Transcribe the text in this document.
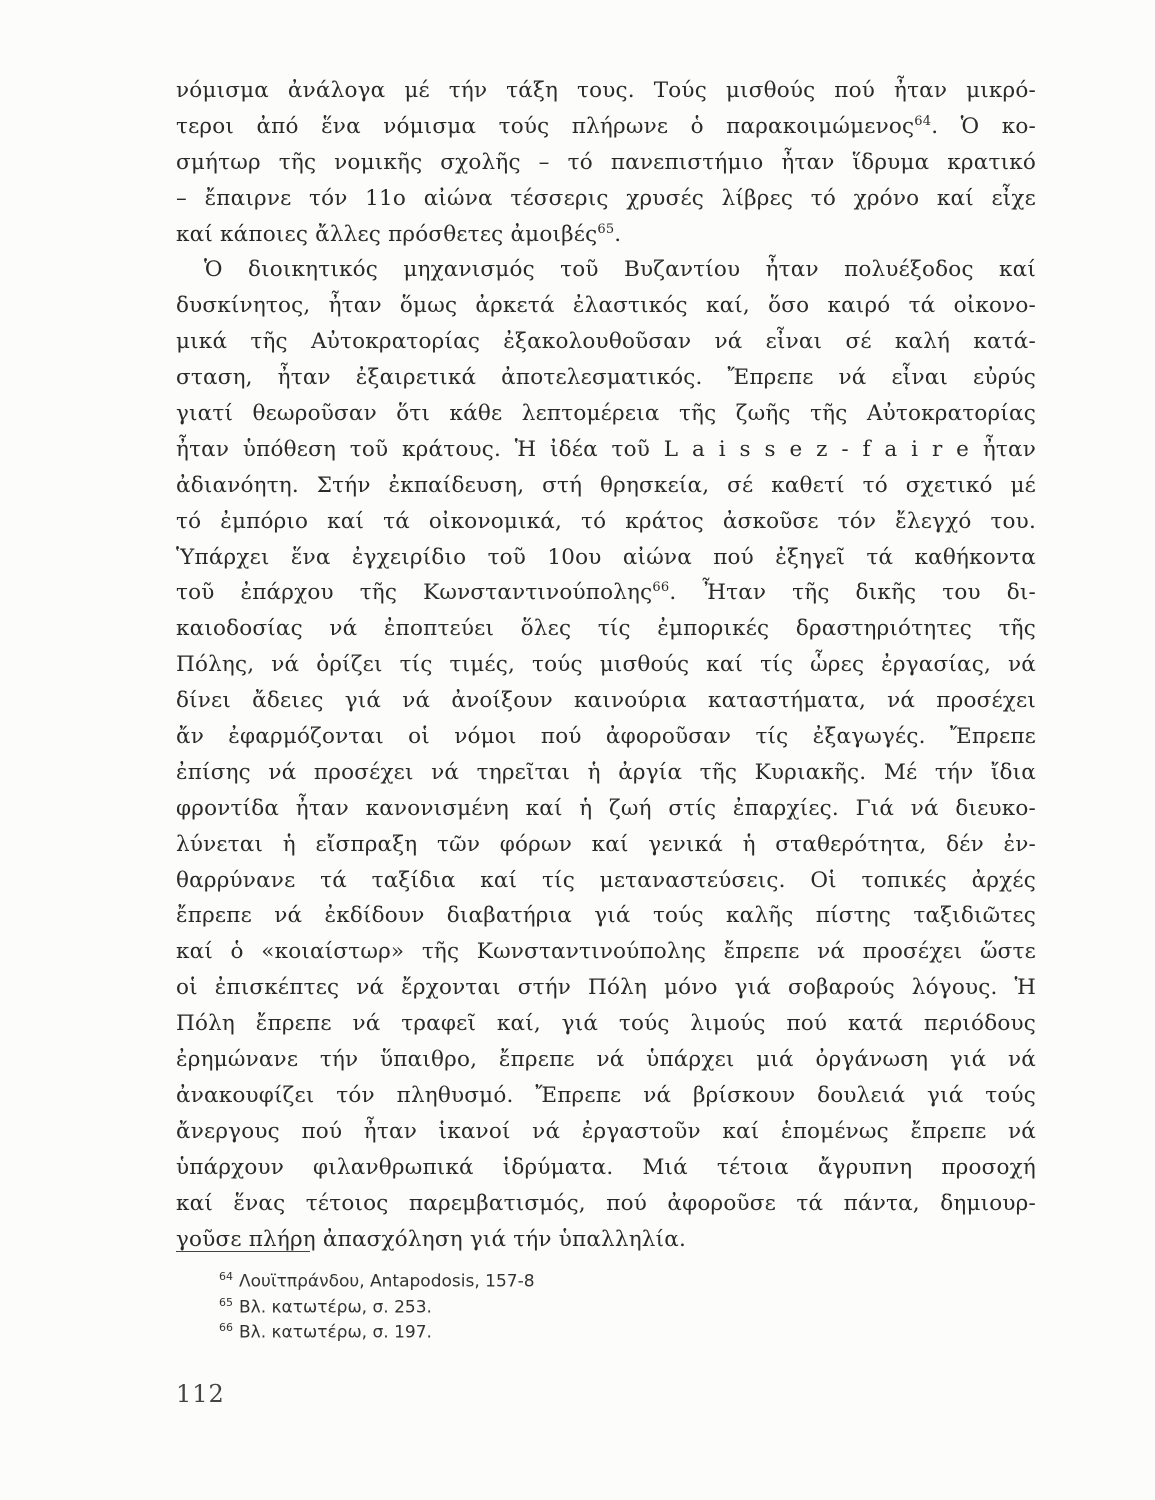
νόμισμα ἀνάλογα μέ τήν τάξη τους. Τούς μισθούς πού ἦταν μικρό-
τεροι ἀπό ἕνα νόμισμα τούς πλήρωνε ὁ παρακοιμώμενος$^{64}$. Ὁ κο-
σμήτωρ τῆς νομικῆς σχολῆς – τό πανεπιστήμιο ἦταν ἵδρυμα κρατικό
– ἔπαιρνε τόν 11ο αἰώνα τέσσερις χρυσές λίβρες τό χρόνο καί εἶχε
καί κάποιες ἄλλες πρόσθετες ἀμοιβές$^{65}$.
Ὁ διοικητικός μηχανισμός τοῦ Βυζαντίου ἦταν πολυέξοδος καί
δυσκίνητος, ἦταν ὅμως ἀρκετά ἐλαστικός καί, ὅσο καιρό τά οἰκονο-
μικά τῆς Αὐτοκρατορίας ἐξακολουθοῦσαν νά εἶναι σέ καλή κατά-
σταση, ἦταν ἐξαιρετικά ἀποτελεσματικός. Ἔπρεπε νά εἶναι εὐρύς
γιατί θεωροῦσαν ὅτι κάθε λεπτομέρεια τῆς ζωῆς τῆς Αὐτοκρατορίας
ἦταν ὑπόθεση τοῦ κράτους. Ἡ ἰδέα τοῦ L a i s s e z - f a i r e ἦταν
ἀδιανόητη. Στήν ἐκπαίδευση, στή θρησκεία, σέ καθετί τό σχετικό μέ
τό ἐμπόριο καί τά οἰκονομικά, τό κράτος ἀσκοῦσε τόν ἔλεγχό του.
Ὑπάρχει ἕνα ἐγχειρίδιο τοῦ 10ου αἰώνα πού ἐξηγεῖ τά καθήκοντα
τοῦ ἐπάρχου τῆς Κωνσταντινούπολης$^{66}$. Ἦταν τῆς δικῆς του δι-
καιοδοσίας νά ἐποπτεύει ὅλες τίς ἐμπορικές δραστηριότητες τῆς
Πόλης, νά ὁρίζει τίς τιμές, τούς μισθούς καί τίς ὧρες ἐργασίας, νά
δίνει ἄδειες γιά νά ἀνοίξουν καινούρια καταστήματα, νά προσέχει
ἄν ἐφαρμόζονται οἱ νόμοι πού ἀφοροῦσαν τίς ἐξαγωγές. Ἔπρεπε
ἐπίσης νά προσέχει νά τηρεῖται ἡ ἀργία τῆς Κυριακῆς. Μέ τήν ἴδια
φροντίδα ἦταν κανονισμένη καί ἡ ζωή στίς ἐπαρχίες. Γιά νά διευκο-
λύνεται ἡ εἴσπραξη τῶν φόρων καί γενικά ἡ σταθερότητα, δέν ἐν-
θαρρύνανε τά ταξίδια καί τίς μεταναστεύσεις. Οἱ τοπικές ἀρχές
ἔπρεπε νά ἐκδίδουν διαβατήρια γιά τούς καλῆς πίστης ταξιδιῶτες
καί ὁ «κοιαίστωρ» τῆς Κωνσταντινούπολης ἔπρεπε νά προσέχει ὥστε
οἱ ἐπισκέπτες νά ἔρχονται στήν Πόλη μόνο γιά σοβαρούς λόγους. Ἡ
Πόλη ἔπρεπε νά τραφεῖ καί, γιά τούς λιμούς πού κατά περιόδους
ἐρημώνανε τήν ὕπαιθρο, ἔπρεπε νά ὑπάρχει μιά ὀργάνωση γιά νά
ἀνακουφίζει τόν πληθυσμό. Ἔπρεπε νά βρίσκουν δουλειά γιά τούς
ἄνεργους πού ἦταν ἱκανοί νά ἐργαστοῦν καί ἑπομένως ἔπρεπε νά
ὑπάρχουν φιλανθρωπικά ἱδρύματα. Μιά τέτοια ἄγρυπνη προσοχή
καί ἕνας τέτοιος παρεμβατισμός, πού ἀφοροῦσε τά πάντα, δημιουρ-
γοῦσε πλήρη ἀπασχόληση γιά τήν ὑπαλληλία.
$^{64}$ Λουϊτπράνδου, Antapodosis, 157-8
$^{65}$ Βλ. κατωτέρω, σ. 253.
$^{66}$ Βλ. κατωτέρω, σ. 197.
112
